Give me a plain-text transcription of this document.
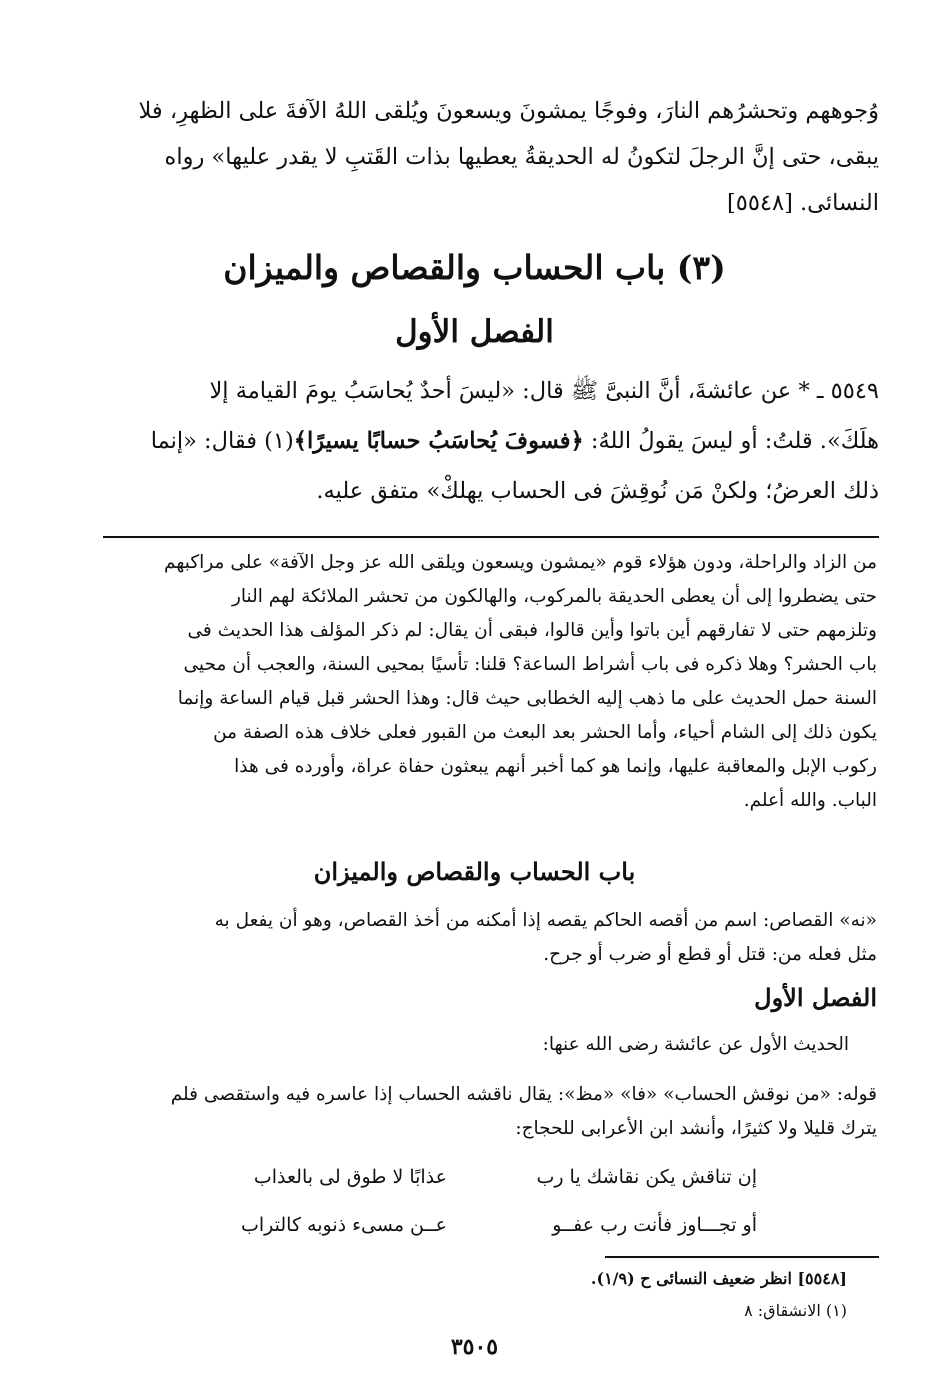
وُجوههم وتحشرُهم النارَ، وفوجًا يمشونَ ويسعونَ ويُلقى اللهُ الآفةَ على الظهرِ، فلا

يبقى، حتى إنَّ الرجلَ لتكونُ له الحديقةُ يعطيها بذات القَتبِ لا يقدر عليها» رواه

النسائى. [٥٥٤٨]

(٣) باب الحساب والقصاص والميزان
الفصل الأول

٥٥٤٩ ـ * عن عائشةَ، أنَّ النبىَّ ﷺ قال: «ليسَ أحدٌ يُحاسَبُ يومَ القيامة إلا

هلَكَ». قلتُ: أو ليسَ يقولُ اللهُ: ﴿فسوفَ يُحاسَبُ حسابًا يسيرًا﴾(١) فقال: «إنما

ذلك العرضُ؛ ولكنْ مَن نُوقِشَ فى الحساب يهلكْ» متفق عليه.

من الزاد والراحلة، ودون هؤلاء قوم «يمشون ويسعون ويلقى الله عز وجل الآفة» على مراكبهم

حتى يضطروا إلى أن يعطى الحديقة بالمركوب، والهالكون من تحشر الملائكة لهم النار

وتلزمهم حتى لا تفارقهم أين باتوا وأين قالوا، فبقى أن يقال: لم ذكر المؤلف هذا الحديث فى

باب الحشر؟ وهلا ذكره فى باب أشراط الساعة؟ قلنا: تأسيًا بمحيى السنة، والعجب أن محيى

السنة حمل الحديث على ما ذهب إليه الخطابى حيث قال: وهذا الحشر قبل قيام الساعة وإنما

يكون ذلك إلى الشام أحياء، وأما الحشر بعد البعث من القبور فعلى خلاف هذه الصفة من

ركوب الإبل والمعاقبة عليها، وإنما هو كما أخبر أنهم يبعثون حفاة عراة، وأورده فى هذا

الباب. والله أعلم.

باب الحساب والقصاص والميزان

«نه» القصاص: اسم من أقصه الحاكم يقصه إذا أمكنه من أخذ القصاص، وهو أن يفعل به

مثل فعله من: قتل أو قطع أو ضرب أو جرح.

الفصل الأول
الحديث الأول عن عائشة رضى الله عنها:

قوله: «من نوقش الحساب» «فا» «مظ»: يقال ناقشه الحساب إذا عاسره فيه واستقصى فلم

يترك قليلا ولا كثيرًا، وأنشد ابن الأعرابى للحجاج:

إن تناقش يكن نقاشك يا رب
عذابًا لا طوق لى بالعذاب
أو تجـــاوز فأنت رب عفــو
عــن مسىء ذنوبه كالتراب
[٥٥٤٨] انظر ضعيف النسائى ح (١/٩).
(١) الانشقاق: ٨
٣٥٠٥
